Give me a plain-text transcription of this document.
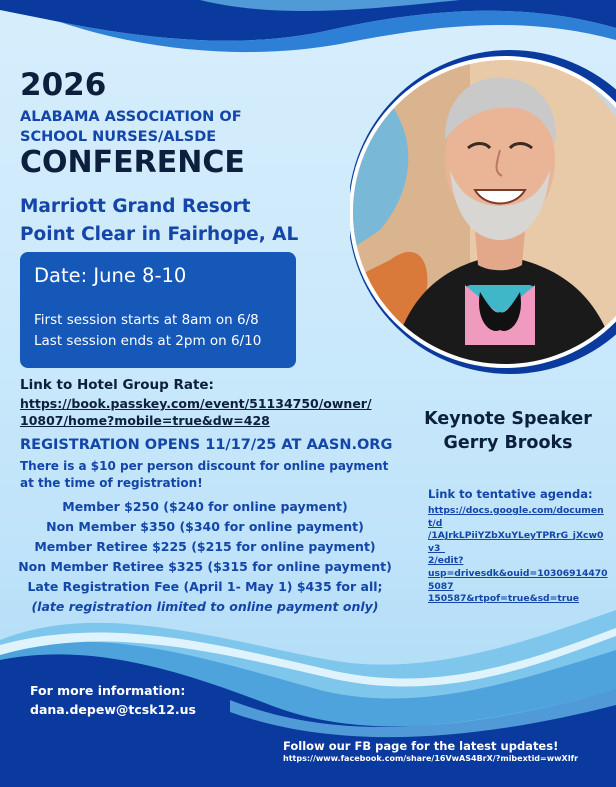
2026
ALABAMA ASSOCIATION OF
SCHOOL NURSES/ALSDE
CONFERENCE
Marriott Grand Resort
Point Clear in Fairhope, AL
Date: June 8-10
First session starts at 8am on 6/8
Last session ends at 2pm on 6/10
Link to Hotel Group Rate:
https://book.passkey.com/event/51134750/owner/
10807/home?mobile=true&dw=428
REGISTRATION OPENS 11/17/25 AT AASN.ORG
There is a $10 per person discount for online payment
at the time of registration!
Member $250 ($240 for online payment)
Non Member $350 ($340 for online payment)
Member Retiree $225 ($215 for online payment)
Non Member Retiree $325 ($315 for online payment)
Late Registration Fee (April 1- May 1) $435 for all;
(late registration limited to online payment only)
Keynote Speaker
Gerry Brooks
Link to tentative agenda:
https://docs.google.com/document/d
/1AJrkLPiiYZbXuYLeyTPRrG_jXcw0v3_
2/edit?
usp=drivesdk&ouid=103069144705087
150587&rtpof=true&sd=true
For more information:
dana.depew@tcsk12.us
Follow our FB page for the latest updates!
https://www.facebook.com/share/16VwAS4BrX/?mibextid=wwXIfr
